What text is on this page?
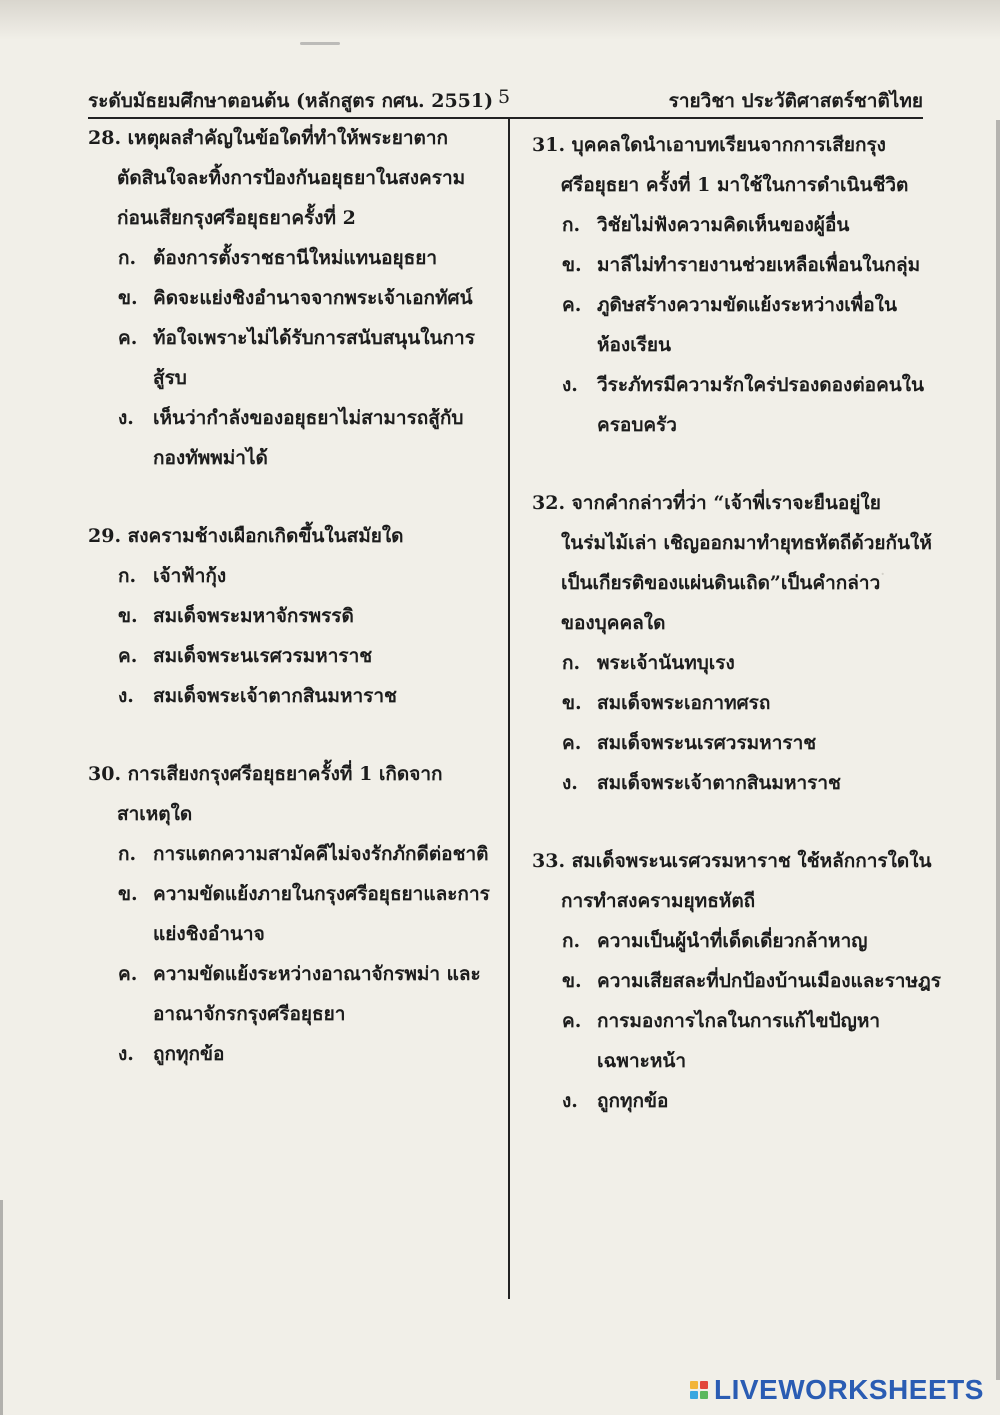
ระดับมัธยมศึกษาตอนต้น (หลักสูตร กศน. 2551) 5	รายวิชา ประวัติศาสตร์ชาติไทย
.
28. เหตุผลสำคัญในข้อใดที่ทำให้พระยาตาก
ตัดสินใจละทิ้งการป้องกันอยุธยาในสงคราม
ก่อนเสียกรุงศรีอยุธยาครั้งที่ 2
ก. ต้องการตั้งราชธานีใหม่แทนอยุธยา
ข. คิดจะแย่งชิงอำนาจจากพระเจ้าเอกทัศน์
ค. ท้อใจเพราะไม่ได้รับการสนับสนุนในการ
สู้รบ
ง. เห็นว่ากำลังของอยุธยาไม่สามารถสู้กับ
กองทัพพม่าได้
29. สงครามช้างเผือกเกิดขึ้นในสมัยใด
ก. เจ้าฟ้ากุ้ง
ข. สมเด็จพระมหาจักรพรรดิ
ค. สมเด็จพระนเรศวรมหาราช
ง. สมเด็จพระเจ้าตากสินมหาราช
30. การเสียงกรุงศรีอยุธยาครั้งที่ 1 เกิดจาก
สาเหตุใด
ก. การแตกความสามัคคีไม่จงรักภักดีต่อชาติ
ข. ความขัดแย้งภายในกรุงศรีอยุธยาและการ
แย่งชิงอำนาจ
ค. ความขัดแย้งระหว่างอาณาจักรพม่า และ
อาณาจักรกรุงศรีอยุธยา
ง. ถูกทุกข้อ
31. บุคคลใดนำเอาบทเรียนจากการเสียกรุง
ศรีอยุธยา ครั้งที่ 1 มาใช้ในการดำเนินชีวิต
ก. วิชัยไม่ฟังความคิดเห็นของผู้อื่น
ข. มาลีไม่ทำรายงานช่วยเหลือเพื่อนในกลุ่ม
ค. ภูดิษสร้างความขัดแย้งระหว่างเพื่อใน
ห้องเรียน
ง. วีระภัทรมีความรักใคร่ปรองดองต่อคนใน
ครอบครัว
32. จากคำกล่าวที่ว่า “เจ้าพี่เราจะยืนอยู่ใย
ในร่มไม้เล่า เชิญออกมาทำยุทธหัตถีด้วยกันให้
เป็นเกียรติของแผ่นดินเถิด”เป็นคำกล่าว
ของบุคคลใด
ก. พระเจ้านันทบุเรง
ข. สมเด็จพระเอกาทศรถ
ค. สมเด็จพระนเรศวรมหาราช
ง. สมเด็จพระเจ้าตากสินมหาราช
33. สมเด็จพระนเรศวรมหาราช ใช้หลักการใดใน
การทำสงครามยุทธหัตถี
ก. ความเป็นผู้นำที่เด็ดเดี่ยวกล้าหาญ
ข. ความเสียสละที่ปกป้องบ้านเมืองและราษฎร
ค. การมองการไกลในการแก้ไขปัญหา
เฉพาะหน้า
ง. ถูกทุกข้อ
LIVEWORKSHEETS
